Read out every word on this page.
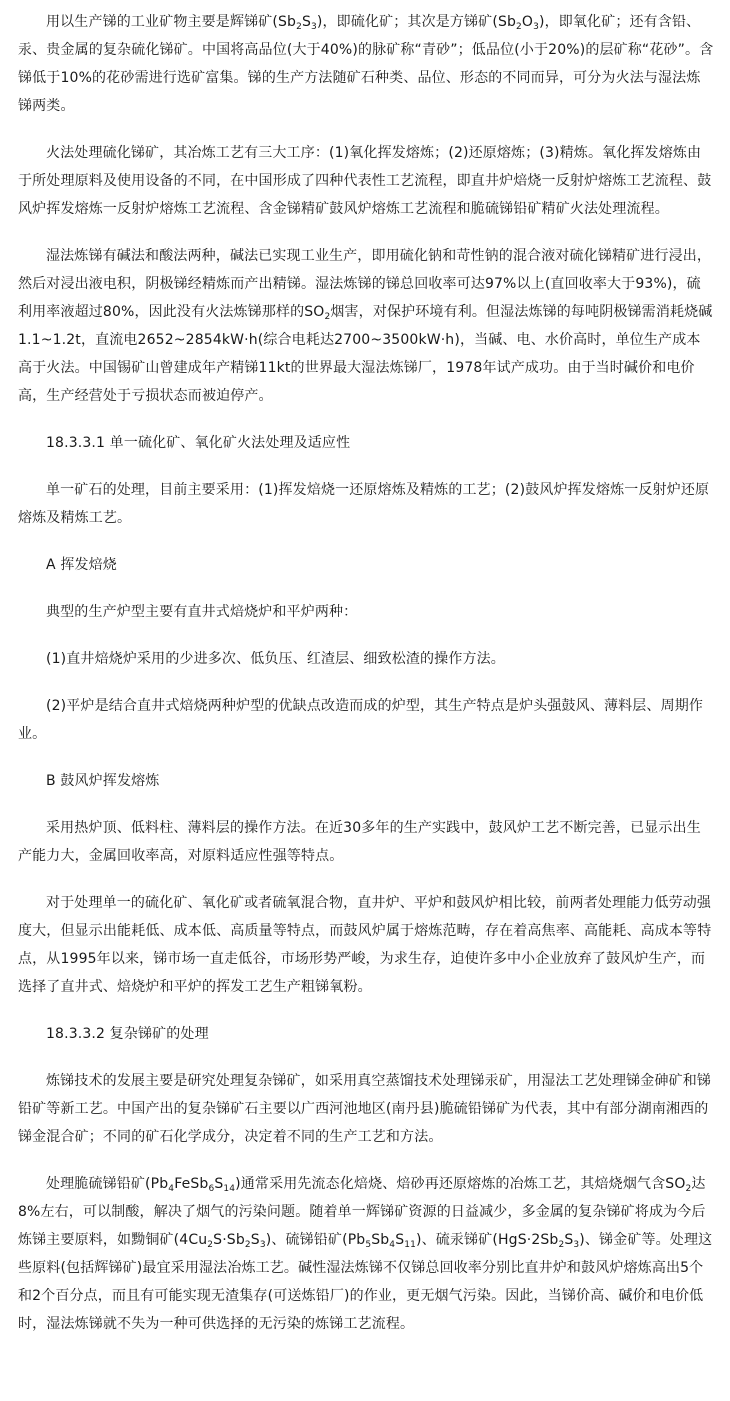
用以生产锑的工业矿物主要是辉锑矿$(Sb_2S_3)$，即硫化矿；其次是方锑矿$(Sb_2O_3)$，即氧化矿；还有含铅、汞、贵金属的复杂硫化锑矿。中国将高品位(大于40%)的脉矿称“青砂”；低品位(小于20%)的层矿称“花砂”。含锑低于10%的花砂需进行选矿富集。锑的生产方法随矿石种类、品位、形态的不同而异，可分为火法与湿法炼锑两类。

火法处理硫化锑矿，其冶炼工艺有三大工序：(1)氧化挥发熔炼；(2)还原熔炼；(3)精炼。氧化挥发熔炼由于所处理原料及使用设备的不同，在中国形成了四种代表性工艺流程，即直井炉焙烧一反射炉熔炼工艺流程、鼓风炉挥发熔炼一反射炉熔炼工艺流程、含金锑精矿鼓风炉熔炼工艺流程和脆硫锑铅矿精矿火法处理流程。

湿法炼锑有碱法和酸法两种，碱法已实现工业生产，即用硫化钠和苛性钠的混合液对硫化锑精矿进行浸出，然后对浸出液电积，阴极锑经精炼而产出精锑。湿法炼锑的锑总回收率可达97%以上(直回收率大于93%)，硫利用率液超过80%，因此没有火法炼锑那样的$SO_2$烟害，对保护环境有利。但湿法炼锑的每吨阴极锑需消耗烧碱1.1~1.2t，直流电2652~2854kW·h(综合电耗达2700~3500kW·h)，当碱、电、水价高时，单位生产成本高于火法。中国锡矿山曾建成年产精锑11kt的世界最大湿法炼锑厂，1978年试产成功。由于当时碱价和电价高，生产经营处于亏损状态而被迫停产。

18.3.3.1 单一硫化矿、氧化矿火法处理及适应性

单一矿石的处理，目前主要采用：(1)挥发焙烧一还原熔炼及精炼的工艺；(2)鼓风炉挥发熔炼一反射炉还原熔炼及精炼工艺。

A 挥发焙烧

典型的生产炉型主要有直井式焙烧炉和平炉两种：

(1)直井焙烧炉采用的少进多次、低负压、红渣层、细致松渣的操作方法。

(2)平炉是结合直井式焙烧两种炉型的优缺点改造而成的炉型，其生产特点是炉头强鼓风、薄料层、周期作业。

B 鼓风炉挥发熔炼

采用热炉顶、低料柱、薄料层的操作方法。在近30多年的生产实践中，鼓风炉工艺不断完善，已显示出生产能力大，金属回收率高，对原料适应性强等特点。

对于处理单一的硫化矿、氧化矿或者硫氧混合物，直井炉、平炉和鼓风炉相比较，前两者处理能力低劳动强度大，但显示出能耗低、成本低、高质量等特点，而鼓风炉属于熔炼范畴，存在着高焦率、高能耗、高成本等特点，从1995年以来，锑市场一直走低谷，市场形势严峻，为求生存，迫使许多中小企业放弃了鼓风炉生产，而选择了直井式、焙烧炉和平炉的挥发工艺生产粗锑氧粉。

18.3.3.2 复杂锑矿的处理

炼锑技术的发展主要是研究处理复杂锑矿，如采用真空蒸馏技术处理锑汞矿，用湿法工艺处理锑金砷矿和锑铅矿等新工艺。中国产出的复杂锑矿石主要以广西河池地区(南丹县)脆硫铅锑矿为代表，其中有部分湖南湘西的锑金混合矿；不同的矿石化学成分，决定着不同的生产工艺和方法。

处理脆硫锑铅矿$(Pb_4FeSb_6S_{14})$通常采用先流态化焙烧、焙砂再还原熔炼的冶炼工艺，其焙烧烟气含$SO_2$达8%左右，可以制酸，解决了烟气的污染问题。随着单一辉锑矿资源的日益减少，多金属的复杂锑矿将成为今后炼锑主要原料，如黝铜矿$(4Cu_2S\cdot Sb_2S_3)$、硫锑铅矿$(Pb_5Sb_4S_{11})$、硫汞锑矿$(HgS\cdot 2Sb_2S_3)$、锑金矿等。处理这些原料(包括辉锑矿)最宜采用湿法冶炼工艺。碱性湿法炼锑不仅锑总回收率分别比直井炉和鼓风炉熔炼高出5个和2个百分点，而且有可能实现无渣集存(可送炼铅厂)的作业，更无烟气污染。因此，当锑价高、碱价和电价低时，湿法炼锑就不失为一种可供选择的无污染的炼锑工艺流程。
